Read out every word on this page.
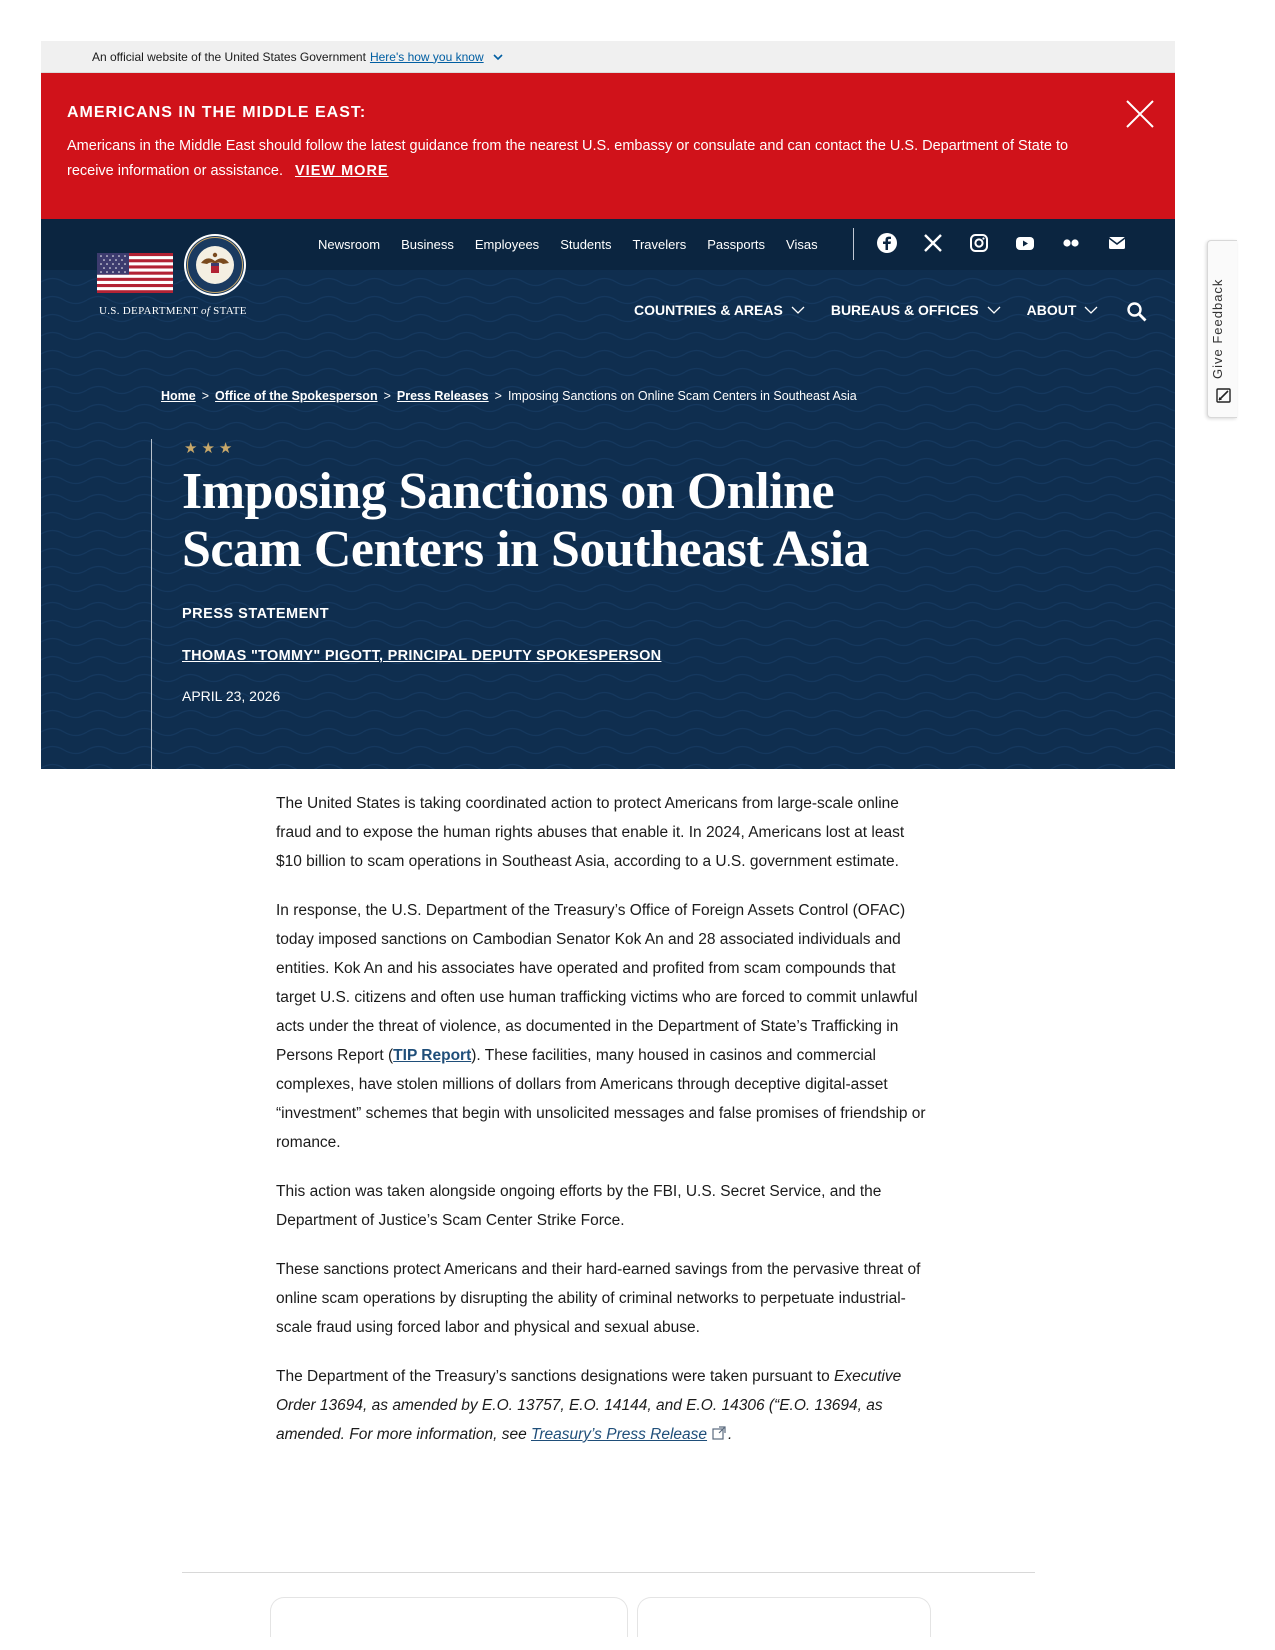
An official website of the United States Government Here's how you know
AMERICANS IN THE MIDDLE EAST:

Americans in the Middle East should follow the latest guidance from the nearest U.S. embassy or consulate and can contact the U.S. Department of State to receive information or assistance. VIEW MORE

Newsroom Business Employees Students Travelers Passports Visas
U.S. DEPARTMENT of STATE	COUNTRIES & AREAS	BUREAUS & OFFICES	ABOUT
Home > Office of the Spokesperson > Press Releases > Imposing Sanctions on Online Scam Centers in Southeast Asia
★★★
Imposing Sanctions on Online Scam Centers in Southeast Asia
PRESS STATEMENT
THOMAS "TOMMY" PIGOTT, PRINCIPAL DEPUTY SPOKESPERSON
APRIL 23, 2026
Give Feedback

The United States is taking coordinated action to protect Americans from large-scale online fraud and to expose the human rights abuses that enable it. In 2024, Americans lost at least $10 billion to scam operations in Southeast Asia, according to a U.S. government estimate.

In response, the U.S. Department of the Treasury’s Office of Foreign Assets Control (OFAC) today imposed sanctions on Cambodian Senator Kok An and 28 associated individuals and entities. Kok An and his associates have operated and profited from scam compounds that target U.S. citizens and often use human trafficking victims who are forced to commit unlawful acts under the threat of violence, as documented in the Department of State’s Trafficking in Persons Report (TIP Report). These facilities, many housed in casinos and commercial complexes, have stolen millions of dollars from Americans through deceptive digital-asset “investment” schemes that begin with unsolicited messages and false promises of friendship or romance.

This action was taken alongside ongoing efforts by the FBI, U.S. Secret Service, and the Department of Justice’s Scam Center Strike Force.

These sanctions protect Americans and their hard-earned savings from the pervasive threat of online scam operations by disrupting the ability of criminal networks to perpetuate industrial-scale fraud using forced labor and physical and sexual abuse.

The Department of the Treasury’s sanctions designations were taken pursuant to Executive Order 13694, as amended by E.O. 13757, E.O. 14144, and E.O. 14306 (“E.O. 13694, as amended. For more information, see Treasury’s Press Release .
